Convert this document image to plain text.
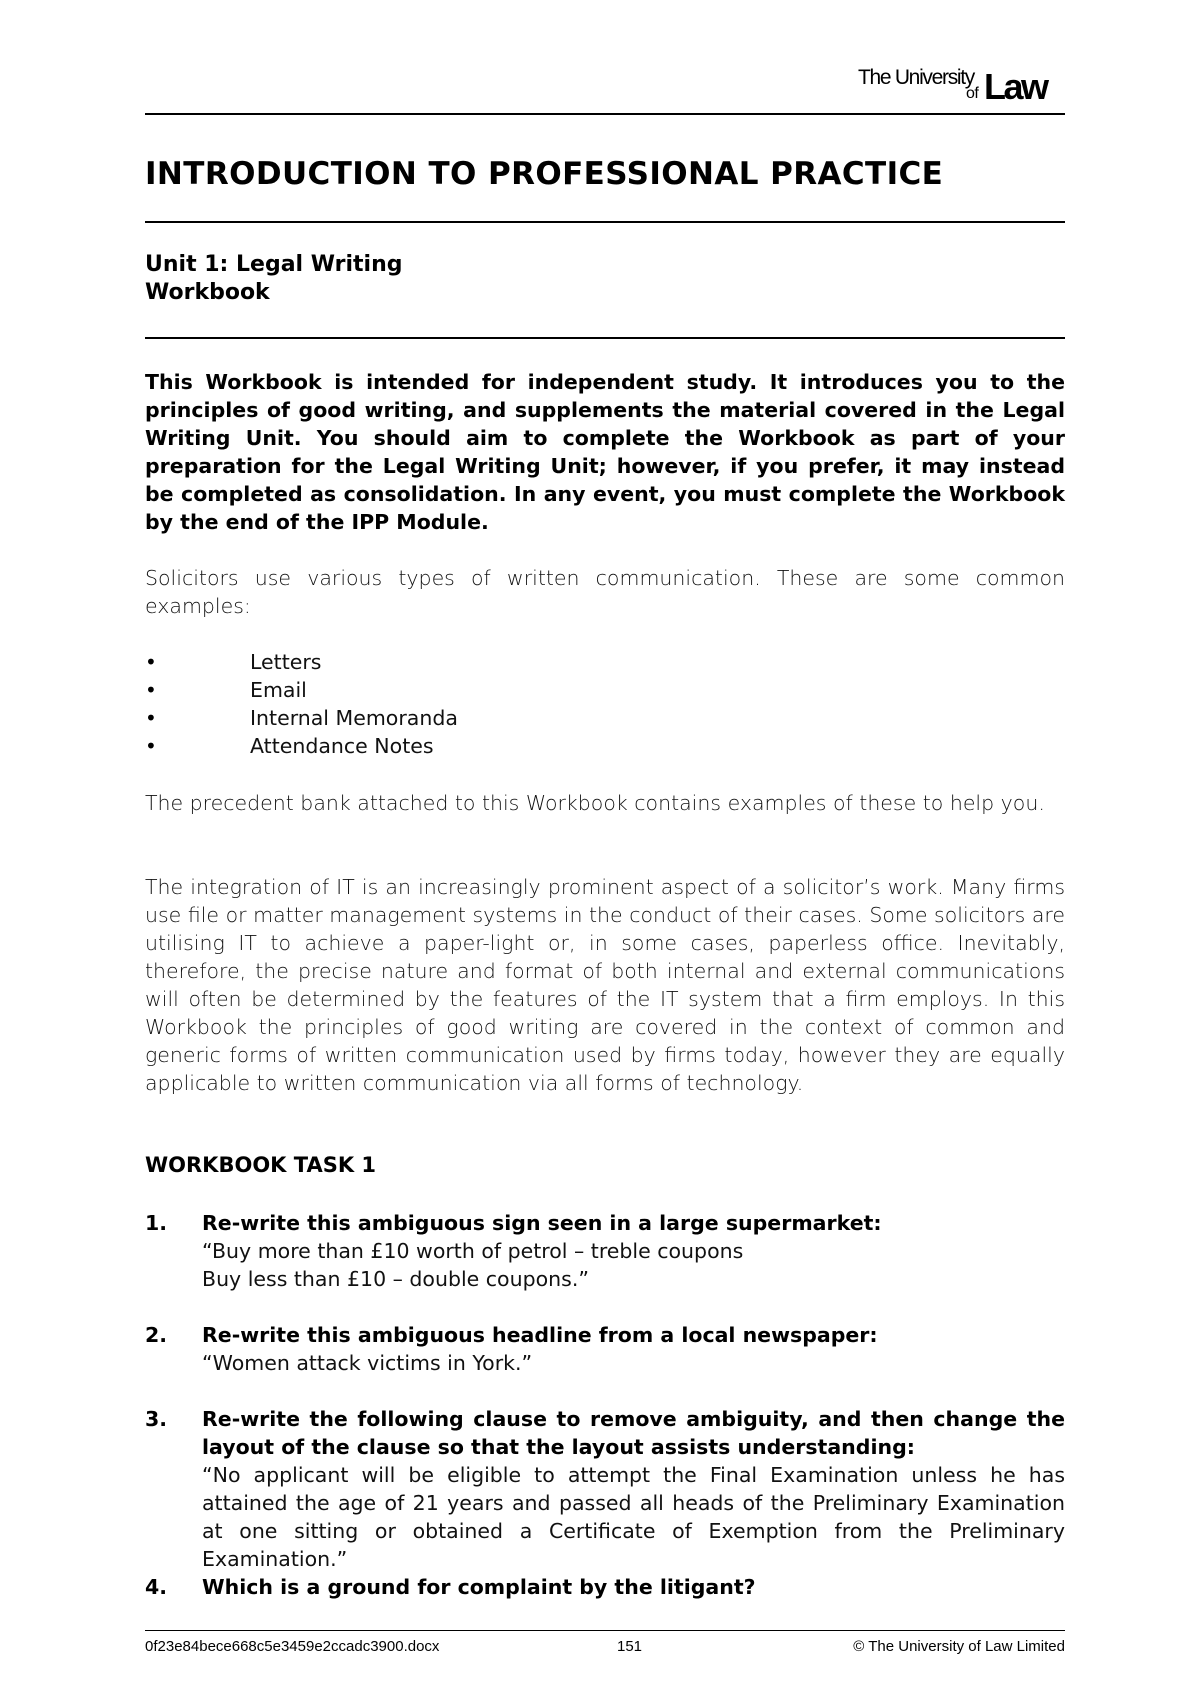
The University
of Law
INTRODUCTION TO PROFESSIONAL PRACTICE
Unit 1: Legal Writing
Workbook
This Workbook is intended for independent study. It introduces you to the principles of good writing, and supplements the material covered in the Legal Writing Unit. You should aim to complete the Workbook as part of your preparation for the Legal Writing Unit; however, if you prefer, it may instead be completed as consolidation. In any event, you must complete the Workbook by the end of the IPP Module.
Solicitors use various types of written communication. These are some common examples:
•	Letters
•	Email
•	Internal Memoranda
•	Attendance Notes
The precedent bank attached to this Workbook contains examples of these to help you.
The integration of IT is an increasingly prominent aspect of a solicitor’s work. Many firms use file or matter management systems in the conduct of their cases. Some solicitors are utilising IT to achieve a paper-light or, in some cases, paperless office. Inevitably, therefore, the precise nature and format of both internal and external communications will often be determined by the features of the IT system that a firm employs. In this Workbook the principles of good writing are covered in the context of common and generic forms of written communication used by firms today, however they are equally applicable to written communication via all forms of technology.
WORKBOOK TASK 1
1. Re-write this ambiguous sign seen in a large supermarket:
“Buy more than £10 worth of petrol – treble coupons
Buy less than £10 – double coupons.”
2. Re-write this ambiguous headline from a local newspaper:
“Women attack victims in York.”
3. Re-write the following clause to remove ambiguity, and then change the layout of the clause so that the layout assists understanding:
“No applicant will be eligible to attempt the Final Examination unless he has attained the age of 21 years and passed all heads of the Preliminary Examination at one sitting or obtained a Certificate of Exemption from the Preliminary Examination.”
4. Which is a ground for complaint by the litigant?
0f23e84bece668c5e3459e2ccadc3900.docx	151	© The University of Law Limited
